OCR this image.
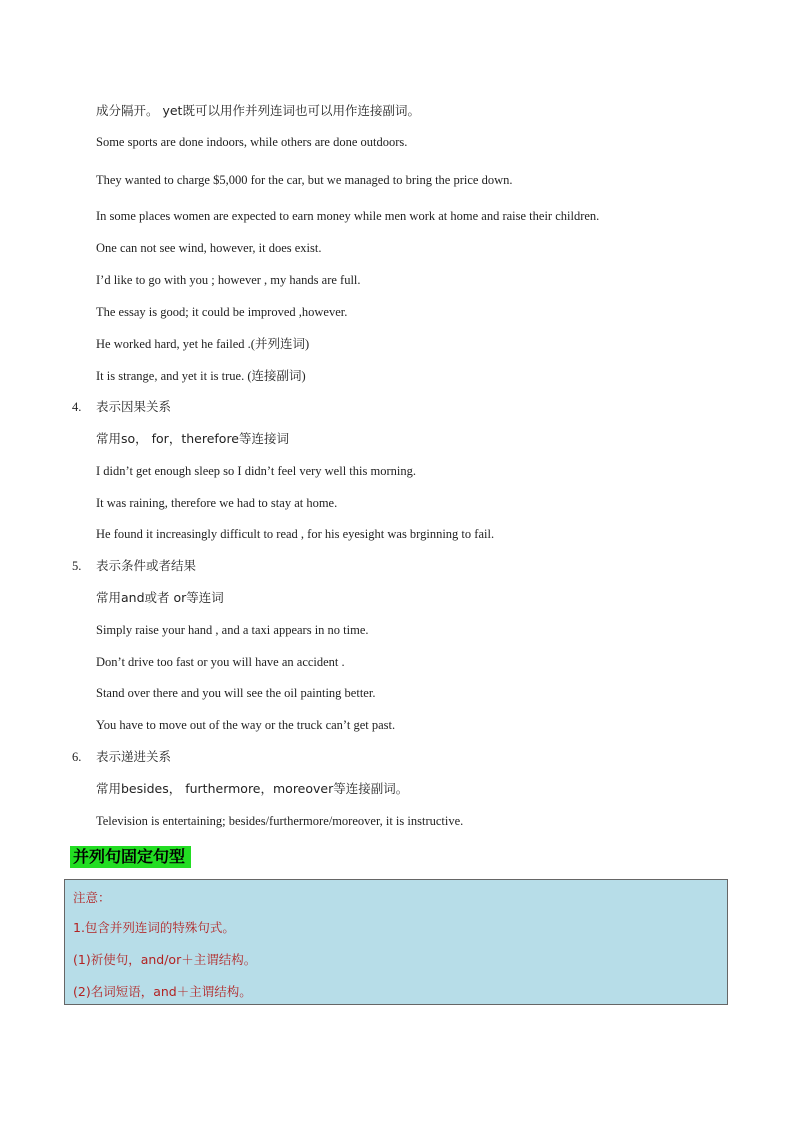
成分隔开。 yet既可以用作并列连词也可以用作连接副词。
Some sports are done indoors, while others are done outdoors.
They wanted to charge $5,000 for the car, but we managed to bring the price down.
In some places women are expected to earn money while men work at home and raise their children.
One can not see wind, however, it does exist.
I’d like to go with you ; however , my hands are full.
The essay is good; it could be improved ,however.
He worked hard, yet he failed .(并列连词)
It is strange, and yet it is true. (连接副词)
4. 表示因果关系
常用so， for，therefore等连接词
I didn’t get enough sleep so I didn’t feel very well this morning.
It was raining, therefore we had to stay at home.
He found it increasingly difficult to read , for his eyesight was brginning to fail.
5. 表示条件或者结果
常用and或者 or等连词
Simply raise your hand , and a taxi appears in no time.
Don’t drive too fast or you will have an accident .
Stand over there and you will see the oil painting better.
You have to move out of the way or the truck can’t get past.
6. 表示递进关系
常用besides， furthermore，moreover等连接副词。
Television is entertaining; besides/furthermore/moreover, it is instructive.
并列句固定句型
注意：
1.包含并列连词的特殊句式。
(1)祈使句，and/or＋主谓结构。
(2)名词短语，and＋主谓结构。
